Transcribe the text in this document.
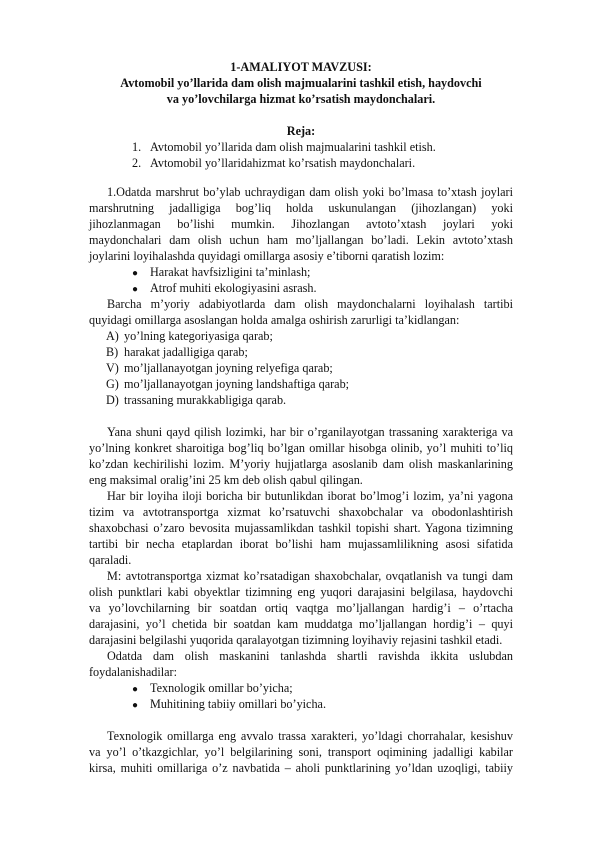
1-AMALIYOT MAVZUSI:
Avtomobil yo’llarida dam olish majmualarini tashkil etish, haydovchi
va yo’lovchilarga hizmat ko’rsatish maydonchalari.
Reja:
1. Avtomobil yo’llarida dam olish majmualarini tashkil etish.
2. Avtomobil yo’llaridahizmat ko’rsatish maydonchalari.
1.Odatda marshrut bo’ylab uchraydigan dam olish yoki bo’lmasa to’xtash joylari
marshrutning jadalligiga bog’liq holda uskunulangan (jihozlangan) yoki
jihozlanmagan bo’lishi mumkin. Jihozlangan avtoto’xtash joylari yoki
maydonchalari dam olish uchun ham mo’ljallangan bo’ladi. Lekin avtoto’xtash
joylarini loyihalashda quyidagi omillarga asosiy e’tiborni qaratish lozim:
● Harakat havfsizligini ta’minlash;
● Atrof muhiti ekologiyasini asrash.
Barcha m’yoriy adabiyotlarda dam olish maydonchalarni loyihalash tartibi
quyidagi omillarga asoslangan holda amalga oshirish zarurligi ta’kidlangan:
A) yo’lning kategoriyasiga qarab;
B) harakat jadalligiga qarab;
V) mo’ljallanayotgan joyning relyefiga qarab;
G) mo’ljallanayotgan joyning landshaftiga qarab;
D) trassaning murakkabligiga qarab.
Yana shuni qayd qilish lozimki, har bir o’rganilayotgan trassaning xarakteriga va
yo’lning konkret sharoitiga bog’liq bo’lgan omillar hisobga olinib, yo’l muhiti to’liq
ko’zdan kechirilishi lozim. M’yoriy hujjatlarga asoslanib dam olish maskanlarining
eng maksimal oralig’ini 25 km deb olish qabul qilingan.
Har bir loyiha iloji boricha bir butunlikdan iborat bo’lmog’i lozim, ya’ni yagona
tizim va avtotransportga xizmat ko’rsatuvchi shaxobchalar va obodonlashtirish
shaxobchasi o’zaro bevosita mujassamlikdan tashkil topishi shart. Yagona tizimning
tartibi bir necha etaplardan iborat bo’lishi ham mujassamlilikning asosi sifatida
qaraladi.
M: avtotransportga xizmat ko’rsatadigan shaxobchalar, ovqatlanish va tungi dam
olish punktlari kabi obyektlar tizimning eng yuqori darajasini belgilasa, haydovchi
va yo’lovchilarning bir soatdan ortiq vaqtga mo’ljallangan hardig’i – o’rtacha
darajasini, yo’l chetida bir soatdan kam muddatga mo’ljallangan hordig’i – quyi
darajasini belgilashi yuqorida qaralayotgan tizimning loyihaviy rejasini tashkil etadi.
Odatda dam olish maskanini tanlashda shartli ravishda ikkita uslubdan
foydalanishadilar:
● Texnologik omillar bo’yicha;
● Muhitining tabiiy omillari bo’yicha.
Texnologik omillarga eng avvalo trassa xarakteri, yo’ldagi chorrahalar, kesishuv
va yo’l o’tkazgichlar, yo’l belgilarining soni, transport oqimining jadalligi kabilar
kirsa, muhiti omillariga o’z navbatida – aholi punktlarining yo’ldan uzoqligi, tabiiy
